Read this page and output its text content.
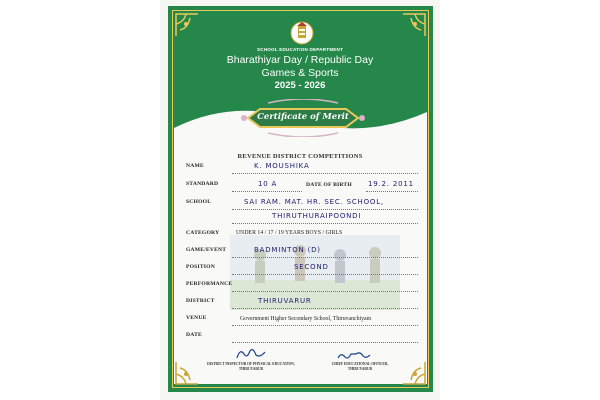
SCHOOL EDUCATION DEPARTMENT
Bharathiyar Day / Republic Day
Games & Sports
2025 - 2026
Certificate of Merit
REVENUE DISTRICT COMPETITIONS
NAME	K. MOUSHIKA
STANDARD	10 A	DATE OF BIRTH 19.2. 2011
SCHOOL	SAI RAM. MAT. HR. SEC. SCHOOL,
THIRUTHURAIPOONDI
CATEGORY	UNDER 14 / 17 / 19 YEARS BOYS / GIRLS
GAME/EVENT	BADMINTON (D)
POSITION	SECOND
PERFORMANCE
DISTRICT	THIRUVARUR
VENUE	Government Higher Secondary School, Thiruvanchiyam
DATE
DISTRICT INSPECTOR OF PHYSICAL EDUCATION,
THIRUVARUR
CHIEF EDUCATIONAL OFFICER,
THIRUVARUR
